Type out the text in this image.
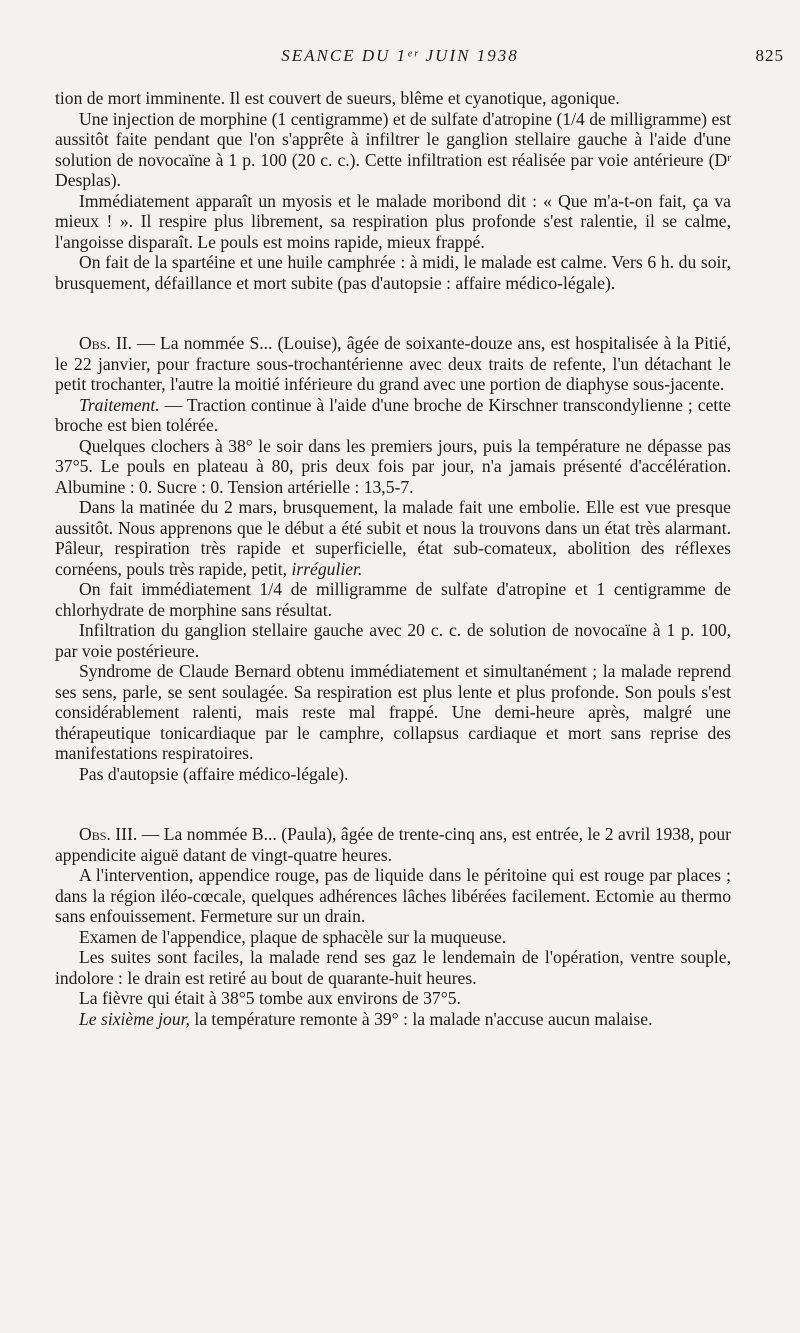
SEANCE DU 1ᵉʳ JUIN 1938	825

tion de mort imminente. Il est couvert de sueurs, blême et cyanotique, agonique.

Une injection de morphine (1 centigramme) et de sulfate d'atropine (1/4 de milligramme) est aussitôt faite pendant que l'on s'apprête à infiltrer le ganglion stellaire gauche à l'aide d'une solution de novocaïne à 1 p. 100 (20 c. c.). Cette infiltration est réalisée par voie antérieure (Dʳ Desplas).

Immédiatement apparaît un myosis et le malade moribond dit : « Que m'a-t-on fait, ça va mieux ! ». Il respire plus librement, sa respiration plus profonde s'est ralentie, il se calme, l'angoisse disparaît. Le pouls est moins rapide, mieux frappé.

On fait de la spartéine et une huile camphrée : à midi, le malade est calme. Vers 6 h. du soir, brusquement, défaillance et mort subite (pas d'autopsie : affaire médico-légale).

Obs. II. — La nommée S... (Louise), âgée de soixante-douze ans, est hospitalisée à la Pitié, le 22 janvier, pour fracture sous-trochantérienne avec deux traits de refente, l'un détachant le petit trochanter, l'autre la moitié inférieure du grand avec une portion de diaphyse sous-jacente.

Traitement. — Traction continue à l'aide d'une broche de Kirschner transcondylienne ; cette broche est bien tolérée.

Quelques clochers à 38° le soir dans les premiers jours, puis la température ne dépasse pas 37°5. Le pouls en plateau à 80, pris deux fois par jour, n'a jamais présenté d'accélération. Albumine : 0. Sucre : 0. Tension artérielle : 13,5-7.

Dans la matinée du 2 mars, brusquement, la malade fait une embolie. Elle est vue presque aussitôt. Nous apprenons que le début a été subit et nous la trouvons dans un état très alarmant. Pâleur, respiration très rapide et superficielle, état sub-comateux, abolition des réflexes cornéens, pouls très rapide, petit, irrégulier.

On fait immédiatement 1/4 de milligramme de sulfate d'atropine et 1 centigramme de chlorhydrate de morphine sans résultat.

Infiltration du ganglion stellaire gauche avec 20 c. c. de solution de novocaïne à 1 p. 100, par voie postérieure.

Syndrome de Claude Bernard obtenu immédiatement et simultanément ; la malade reprend ses sens, parle, se sent soulagée. Sa respiration est plus lente et plus profonde. Son pouls s'est considérablement ralenti, mais reste mal frappé. Une demi-heure après, malgré une thérapeutique tonicardiaque par le camphre, collapsus cardiaque et mort sans reprise des manifestations respiratoires.

Pas d'autopsie (affaire médico-légale).

Obs. III. — La nommée B... (Paula), âgée de trente-cinq ans, est entrée, le 2 avril 1938, pour appendicite aiguë datant de vingt-quatre heures.

A l'intervention, appendice rouge, pas de liquide dans le péritoine qui est rouge par places ; dans la région iléo-cœcale, quelques adhérences lâches libérées facilement. Ectomie au thermo sans enfouissement. Fermeture sur un drain.

Examen de l'appendice, plaque de sphacèle sur la muqueuse.

Les suites sont faciles, la malade rend ses gaz le lendemain de l'opération, ventre souple, indolore : le drain est retiré au bout de quarante-huit heures.

La fièvre qui était à 38°5 tombe aux environs de 37°5.

Le sixième jour, la température remonte à 39° : la malade n'accuse aucun malaise.
